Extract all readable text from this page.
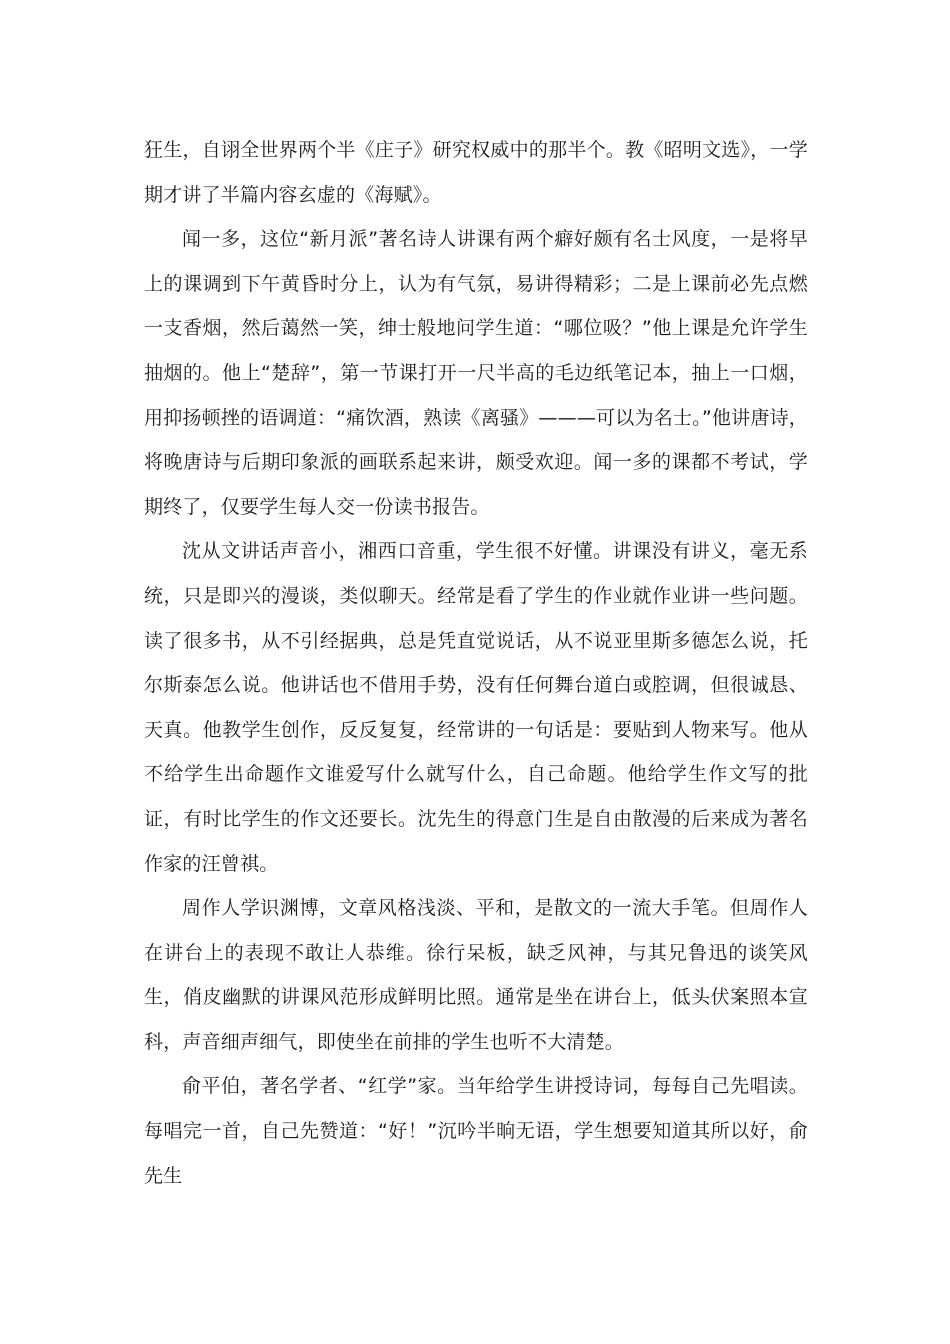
狂生，自诩全世界两个半《庄子》研究权威中的那半个。教《昭明文选》，一学期才讲了半篇内容玄虚的《海赋》。

闻一多，这位“新月派”著名诗人讲课有两个癖好颇有名士风度，一是将早上的课调到下午黄昏时分上，认为有气氛，易讲得精彩；二是上课前必先点燃一支香烟，然后蔼然一笑，绅士般地问学生道：“哪位吸？”他上课是允许学生抽烟的。他上“楚辞”，第一节课打开一尺半高的毛边纸笔记本，抽上一口烟，用抑扬顿挫的语调道：“痛饮酒，熟读《离骚》———可以为名士。”他讲唐诗，将晚唐诗与后期印象派的画联系起来讲，颇受欢迎。闻一多的课都不考试，学期终了，仅要学生每人交一份读书报告。

沈从文讲话声音小，湘西口音重，学生很不好懂。讲课没有讲义，毫无系统，只是即兴的漫谈，类似聊天。经常是看了学生的作业就作业讲一些问题。读了很多书，从不引经据典，总是凭直觉说话，从不说亚里斯多德怎么说，托尔斯泰怎么说。他讲话也不借用手势，没有任何舞台道白或腔调，但很诚恳、天真。他教学生创作，反反复复，经常讲的一句话是：要贴到人物来写。他从不给学生出命题作文谁爱写什么就写什么，自己命题。他给学生作文写的批证，有时比学生的作文还要长。沈先生的得意门生是自由散漫的后来成为著名作家的汪曾祺。

周作人学识渊博，文章风格浅淡、平和，是散文的一流大手笔。但周作人在讲台上的表现不敢让人恭维。徐行呆板，缺乏风神，与其兄鲁迅的谈笑风生，俏皮幽默的讲课风范形成鲜明比照。通常是坐在讲台上，低头伏案照本宣科，声音细声细气，即使坐在前排的学生也听不大清楚。

俞平伯，著名学者、“红学”家。当年给学生讲授诗词，每每自己先唱读。每唱完一首，自己先赞道：“好！”沉吟半晌无语，学生想要知道其所以好，俞先生
